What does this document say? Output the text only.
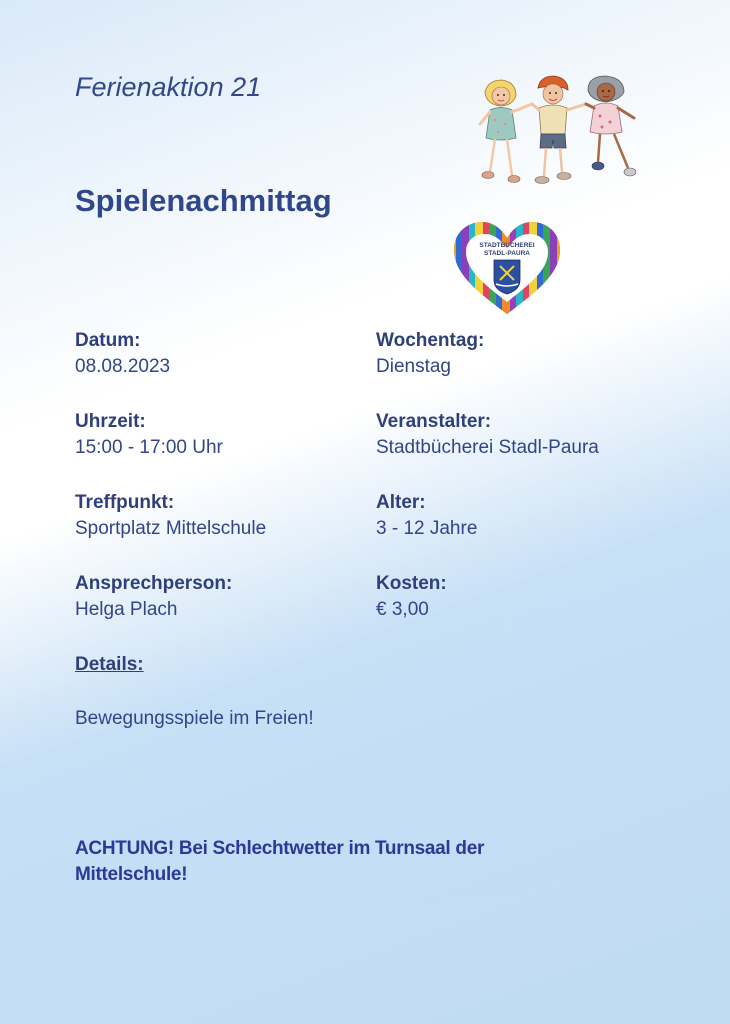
Ferienaktion 21
Spielenachmittag
STADTBÜCHEREI
STADL-PAURA
Datum:
08.08.2023
Wochentag:
Dienstag
Uhrzeit:
15:00 - 17:00 Uhr
Veranstalter:
Stadtbücherei Stadl-Paura
Treffpunkt:
Sportplatz Mittelschule
Alter:
3 - 12 Jahre
Ansprechperson:
Helga Plach
Kosten:
€ 3,00
Details:
Bewegungsspiele im Freien!
ACHTUNG! Bei Schlechtwetter im Turnsaal der Mittelschule!
